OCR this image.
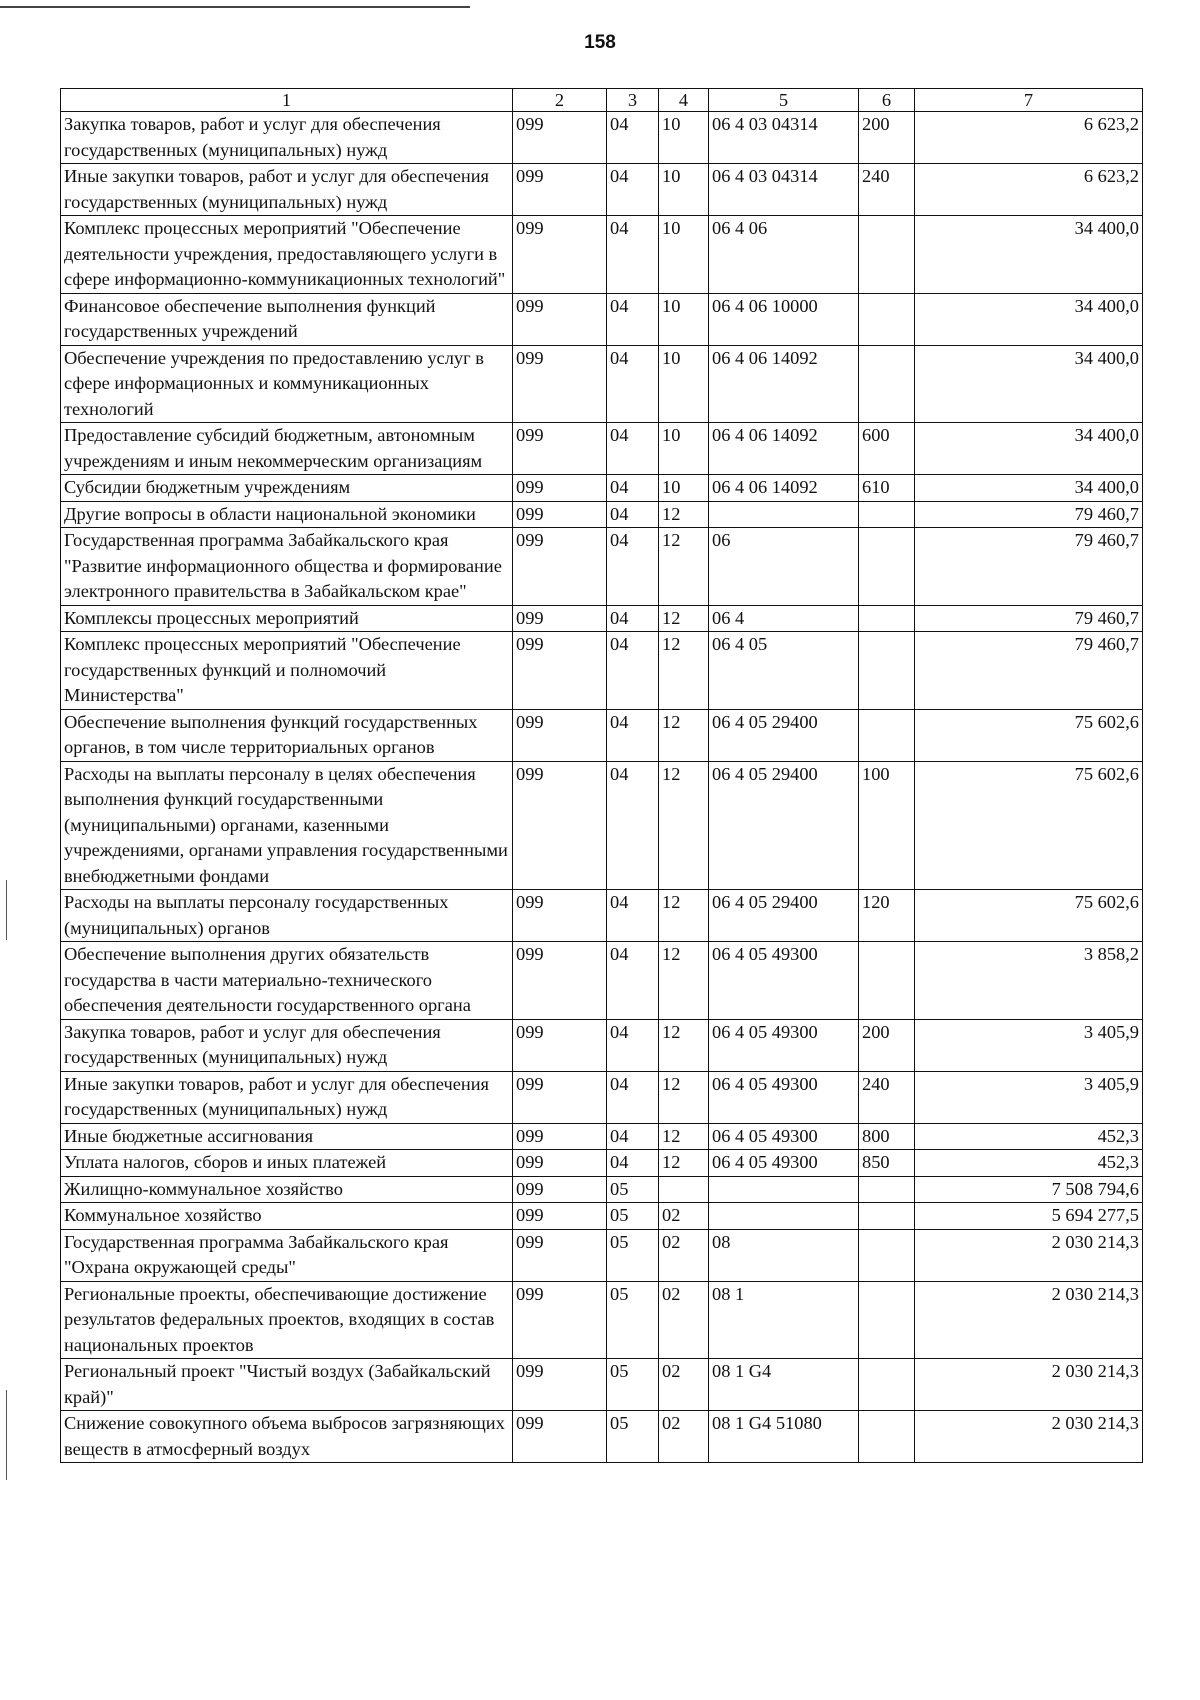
158
1	2	3	4	5	6	7
Закупка товаров, работ и услуг для обеспечения государственных (муниципальных) нужд	099	04	10	06 4 03 04314	200	6 623,2
Иные закупки товаров, работ и услуг для обеспечения государственных (муниципальных) нужд	099	04	10	06 4 03 04314	240	6 623,2
Комплекс процессных мероприятий "Обеспечение деятельности учреждения, предоставляющего услуги в сфере информационно-коммуникационных технологий"	099	04	10	06 4 06		34 400,0
Финансовое обеспечение выполнения функций государственных учреждений	099	04	10	06 4 06 10000		34 400,0
Обеспечение учреждения по предоставлению услуг в сфере информационных и коммуникационных технологий	099	04	10	06 4 06 14092		34 400,0
Предоставление субсидий бюджетным, автономным учреждениям и иным некоммерческим организациям	099	04	10	06 4 06 14092	600	34 400,0
Субсидии бюджетным учреждениям	099	04	10	06 4 06 14092	610	34 400,0
Другие вопросы в области национальной экономики	099	04	12			79 460,7
Государственная программа Забайкальского края "Развитие информационного общества и формирование электронного правительства в Забайкальском крае"	099	04	12	06		79 460,7
Комплексы процессных мероприятий	099	04	12	06 4		79 460,7
Комплекс процессных мероприятий "Обеспечение государственных функций и полномочий Министерства"	099	04	12	06 4 05		79 460,7
Обеспечение выполнения функций государственных органов, в том числе территориальных органов	099	04	12	06 4 05 29400		75 602,6
Расходы на выплаты персоналу в целях обеспечения выполнения функций государственными (муниципальными) органами, казенными учреждениями, органами управления государственными внебюджетными фондами	099	04	12	06 4 05 29400	100	75 602,6
Расходы на выплаты персоналу государственных (муниципальных) органов	099	04	12	06 4 05 29400	120	75 602,6
Обеспечение выполнения других обязательств государства в части материально-технического обеспечения деятельности государственного органа	099	04	12	06 4 05 49300		3 858,2
Закупка товаров, работ и услуг для обеспечения государственных (муниципальных) нужд	099	04	12	06 4 05 49300	200	3 405,9
Иные закупки товаров, работ и услуг для обеспечения государственных (муниципальных) нужд	099	04	12	06 4 05 49300	240	3 405,9
Иные бюджетные ассигнования	099	04	12	06 4 05 49300	800	452,3
Уплата налогов, сборов и иных платежей	099	04	12	06 4 05 49300	850	452,3
Жилищно-коммунальное хозяйство	099	05				7 508 794,6
Коммунальное хозяйство	099	05	02			5 694 277,5
Государственная программа Забайкальского края "Охрана окружающей среды"	099	05	02	08		2 030 214,3
Региональные проекты, обеспечивающие достижение результатов федеральных проектов, входящих в состав национальных проектов	099	05	02	08 1		2 030 214,3
Региональный проект "Чистый воздух (Забайкальский край)"	099	05	02	08 1 G4		2 030 214,3
Снижение совокупного объема выбросов загрязняющих веществ в атмосферный воздух	099	05	02	08 1 G4 51080		2 030 214,3
